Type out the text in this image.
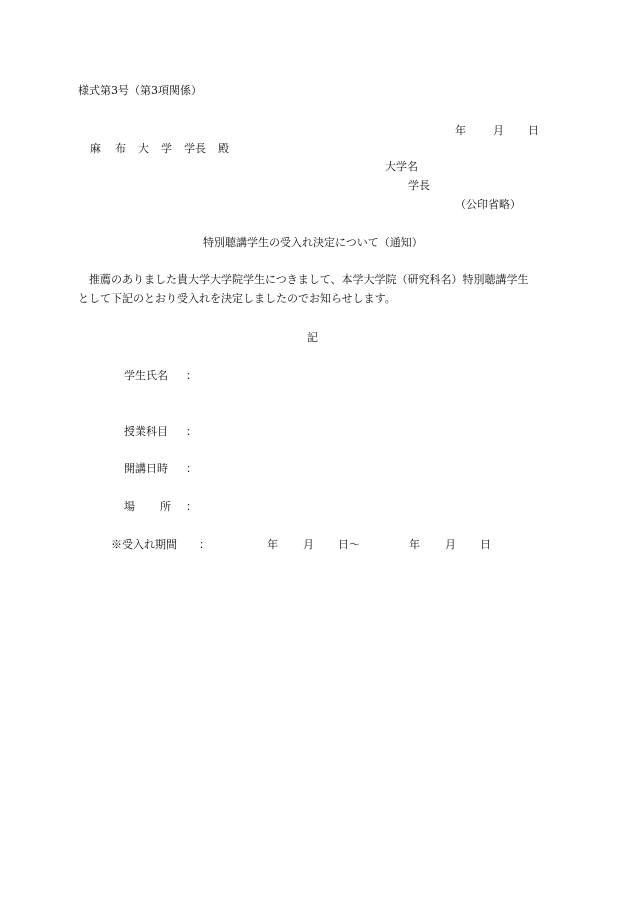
様式第3号（第3項関係）
年 月 日
麻 布 大 学 学長 殿
大学名
学長
（公印省略）
特別聴講学生の受入れ決定について（通知）
推薦のありました貴大学大学院学生につきまして、本学大学院（研究科名）特別聴講学生
として下記のとおり受入れを決定しましたのでお知らせします。
記
学生氏名 ：
授業科目 ：
開講日時 ：
場 所 ：
※受入れ期間 ：	年 月 日〜	年 月 日
